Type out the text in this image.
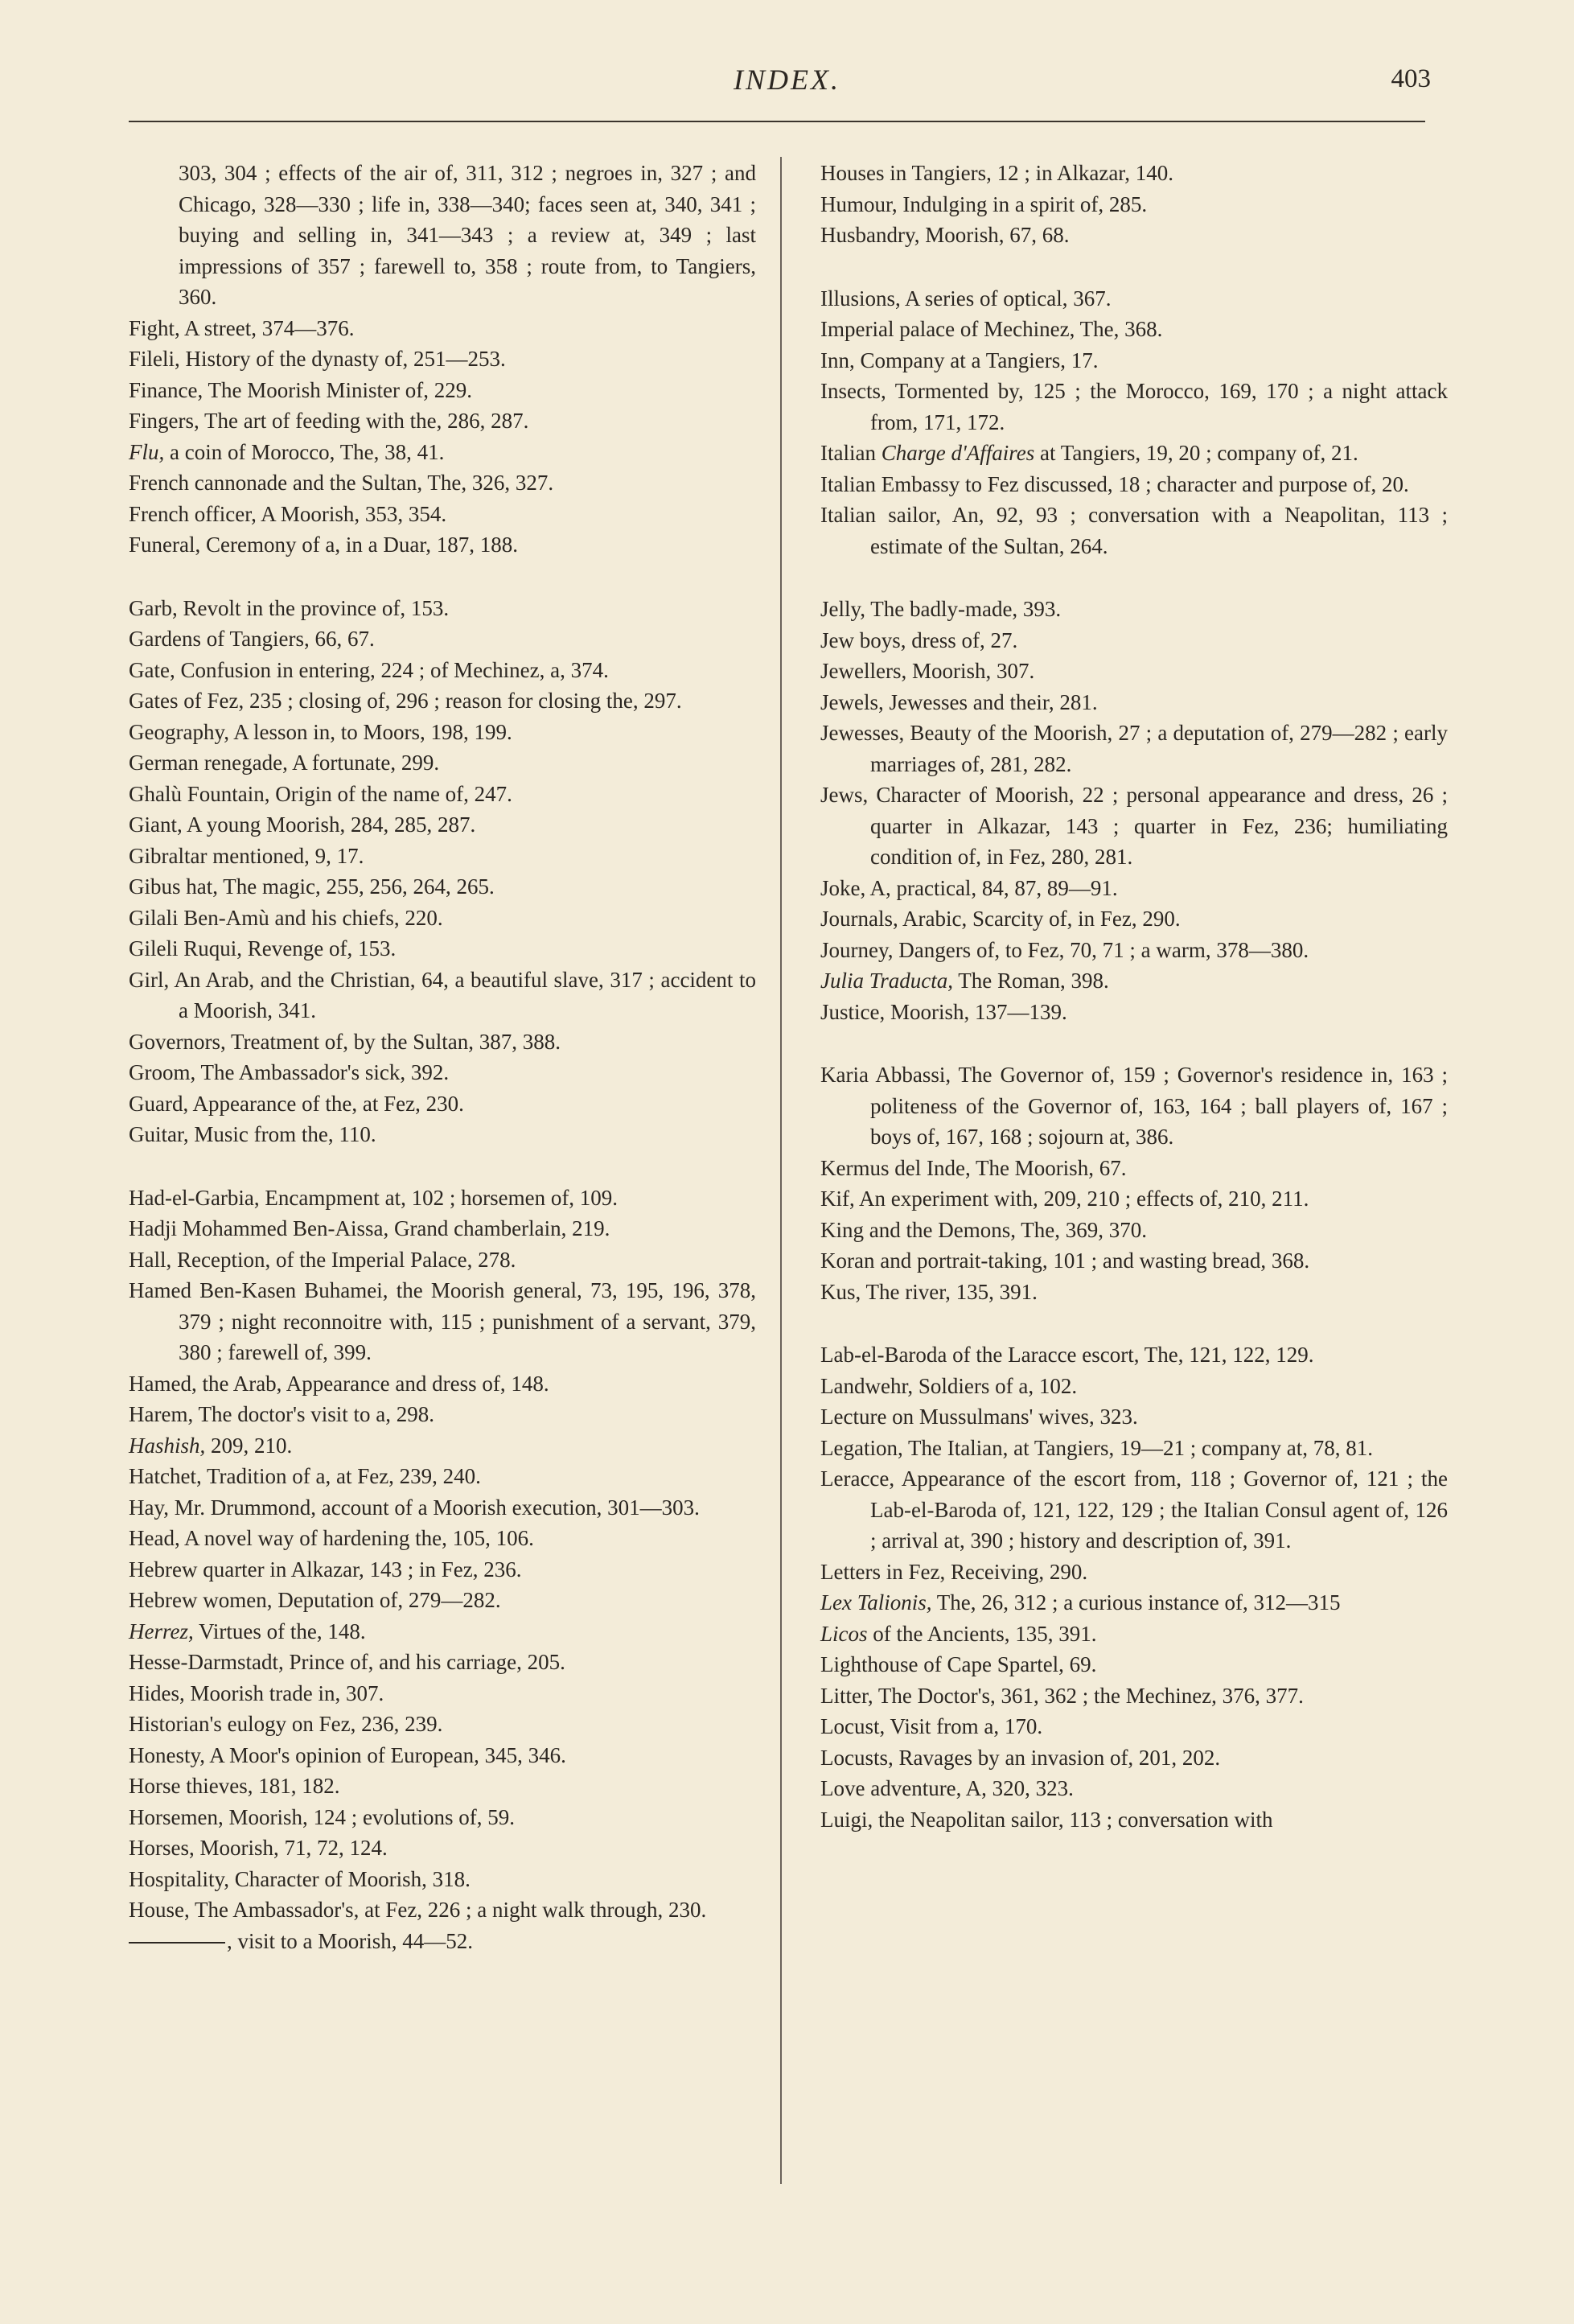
INDEX.	403
303, 304 ; effects of the air of, 311, 312 ; negroes in, 327 ; and Chicago, 328—330 ; life in, 338—340; faces seen at, 340, 341 ; buying and selling in, 341—343 ; a review at, 349 ; last impressions of 357 ; farewell to, 358 ; route from, to Tangiers, 360.
Fight, A street, 374—376.
Fileli, History of the dynasty of, 251—253.
Finance, The Moorish Minister of, 229.
Fingers, The art of feeding with the, 286, 287.
Flu, a coin of Morocco, The, 38, 41.
French cannonade and the Sultan, The, 326, 327.
French officer, A Moorish, 353, 354.
Funeral, Ceremony of a, in a Duar, 187, 188.
Garb, Revolt in the province of, 153.
Gardens of Tangiers, 66, 67.
Gate, Confusion in entering, 224 ; of Mechinez, a, 374.
Gates of Fez, 235 ; closing of, 296 ; reason for closing the, 297.
Geography, A lesson in, to Moors, 198, 199.
German renegade, A fortunate, 299.
Ghalù Fountain, Origin of the name of, 247.
Giant, A young Moorish, 284, 285, 287.
Gibraltar mentioned, 9, 17.
Gibus hat, The magic, 255, 256, 264, 265.
Gilali Ben-Amù and his chiefs, 220.
Gileli Ruqui, Revenge of, 153.
Girl, An Arab, and the Christian, 64, a beautiful slave, 317 ; accident to a Moorish, 341.
Governors, Treatment of, by the Sultan, 387, 388.
Groom, The Ambassador's sick, 392.
Guard, Appearance of the, at Fez, 230.
Guitar, Music from the, 110.
Had-el-Garbia, Encampment at, 102 ; horsemen of, 109.
Hadji Mohammed Ben-Aissa, Grand chamberlain, 219.
Hall, Reception, of the Imperial Palace, 278.
Hamed Ben-Kasen Buhamei, the Moorish general, 73, 195, 196, 378, 379 ; night reconnoitre with, 115 ; punishment of a servant, 379, 380 ; farewell of, 399.
Hamed, the Arab, Appearance and dress of, 148.
Harem, The doctor's visit to a, 298.
Hashish, 209, 210.
Hatchet, Tradition of a, at Fez, 239, 240.
Hay, Mr. Drummond, account of a Moorish execution, 301—303.
Head, A novel way of hardening the, 105, 106.
Hebrew quarter in Alkazar, 143 ; in Fez, 236.
Hebrew women, Deputation of, 279—282.
Herrez, Virtues of the, 148.
Hesse-Darmstadt, Prince of, and his carriage, 205.
Hides, Moorish trade in, 307.
Historian's eulogy on Fez, 236, 239.
Honesty, A Moor's opinion of European, 345, 346.
Horse thieves, 181, 182.
Horsemen, Moorish, 124 ; evolutions of, 59.
Horses, Moorish, 71, 72, 124.
Hospitality, Character of Moorish, 318.
House, The Ambassador's, at Fez, 226 ; a night walk through, 230.
, visit to a Moorish, 44—52.
Houses in Tangiers, 12 ; in Alkazar, 140.
Humour, Indulging in a spirit of, 285.
Husbandry, Moorish, 67, 68.
Illusions, A series of optical, 367.
Imperial palace of Mechinez, The, 368.
Inn, Company at a Tangiers, 17.
Insects, Tormented by, 125 ; the Morocco, 169, 170 ; a night attack from, 171, 172.
Italian Charge d'Affaires at Tangiers, 19, 20 ; company of, 21.
Italian Embassy to Fez discussed, 18 ; character and purpose of, 20.
Italian sailor, An, 92, 93 ; conversation with a Neapolitan, 113 ; estimate of the Sultan, 264.
Jelly, The badly-made, 393.
Jew boys, dress of, 27.
Jewellers, Moorish, 307.
Jewels, Jewesses and their, 281.
Jewesses, Beauty of the Moorish, 27 ; a deputation of, 279—282 ; early marriages of, 281, 282.
Jews, Character of Moorish, 22 ; personal appearance and dress, 26 ; quarter in Alkazar, 143 ; quarter in Fez, 236; humiliating condition of, in Fez, 280, 281.
Joke, A, practical, 84, 87, 89—91.
Journals, Arabic, Scarcity of, in Fez, 290.
Journey, Dangers of, to Fez, 70, 71 ; a warm, 378—380.
Julia Traducta, The Roman, 398.
Justice, Moorish, 137—139.
Karia Abbassi, The Governor of, 159 ; Governor's residence in, 163 ; politeness of the Governor of, 163, 164 ; ball players of, 167 ; boys of, 167, 168 ; sojourn at, 386.
Kermus del Inde, The Moorish, 67.
Kif, An experiment with, 209, 210 ; effects of, 210, 211.
King and the Demons, The, 369, 370.
Koran and portrait-taking, 101 ; and wasting bread, 368.
Kus, The river, 135, 391.
Lab-el-Baroda of the Laracce escort, The, 121, 122, 129.
Landwehr, Soldiers of a, 102.
Lecture on Mussulmans' wives, 323.
Legation, The Italian, at Tangiers, 19—21 ; company at, 78, 81.
Leracce, Appearance of the escort from, 118 ; Governor of, 121 ; the Lab-el-Baroda of, 121, 122, 129 ; the Italian Consul agent of, 126 ; arrival at, 390 ; history and description of, 391.
Letters in Fez, Receiving, 290.
Lex Talionis, The, 26, 312 ; a curious instance of, 312—315
Licos of the Ancients, 135, 391.
Lighthouse of Cape Spartel, 69.
Litter, The Doctor's, 361, 362 ; the Mechinez, 376, 377.
Locust, Visit from a, 170.
Locusts, Ravages by an invasion of, 201, 202.
Love adventure, A, 320, 323.
Luigi, the Neapolitan sailor, 113 ; conversation with
